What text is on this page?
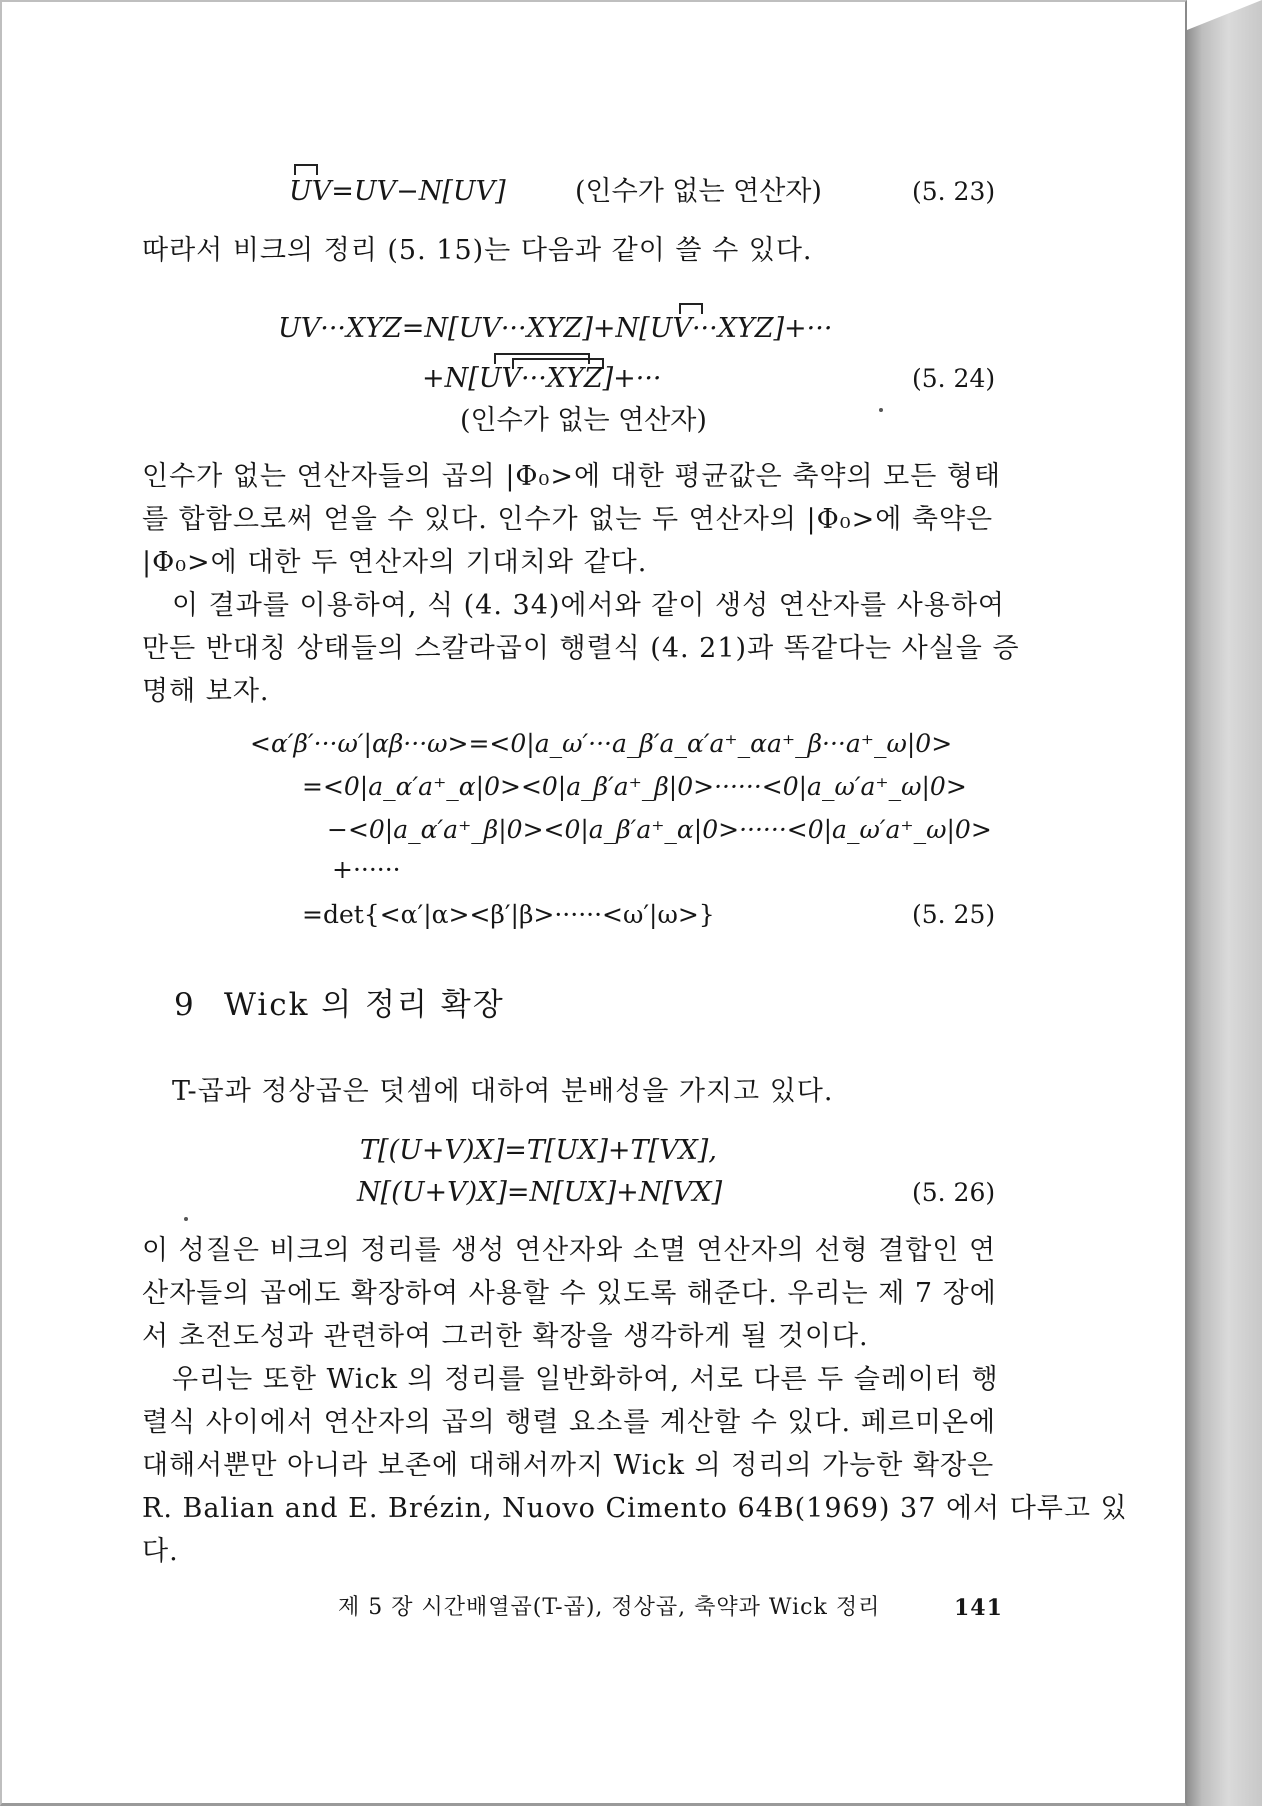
UV=UV−N[UV]	(인수가 없는 연산자)	(5. 23)
따라서 비크의 정리 (5. 15)는 다음과 같이 쓸 수 있다.
UV···XYZ=N[UV···XYZ]+N[UV···XYZ]+···
+N[UV···XYZ]+···	(5. 24)
(인수가 없는 연산자)
인수가 없는 연산자들의 곱의 |Φ₀>에 대한 평균값은 축약의 모든 형태
를 합함으로써 얻을 수 있다. 인수가 없는 두 연산자의 |Φ₀>에 축약은
|Φ₀>에 대한 두 연산자의 기대치와 같다.
이 결과를 이용하여, 식 (4. 34)에서와 같이 생성 연산자를 사용하여
만든 반대칭 상태들의 스칼라곱이 행렬식 (4. 21)과 똑같다는 사실을 증
명해 보자.
<α′β′···ω′|αβ···ω>=<0|a_ω′···a_β′a_α′a⁺_αa⁺_β···a⁺_ω|0>
=<0|a_α′a⁺_α|0><0|a_β′a⁺_β|0>······<0|a_ω′a⁺_ω|0>
−<0|a_α′a⁺_β|0><0|a_β′a⁺_α|0>······<0|a_ω′a⁺_ω|0>
+······
=det{<α′|α><β′|β>······<ω′|ω>}	(5. 25)
9 Wick 의 정리 확장
T-곱과 정상곱은 덧셈에 대하여 분배성을 가지고 있다.
T[(U+V)X]=T[UX]+T[VX],
N[(U+V)X]=N[UX]+N[VX]	(5. 26)
이 성질은 비크의 정리를 생성 연산자와 소멸 연산자의 선형 결합인 연
산자들의 곱에도 확장하여 사용할 수 있도록 해준다. 우리는 제 7 장에
서 초전도성과 관련하여 그러한 확장을 생각하게 될 것이다.
우리는 또한 Wick 의 정리를 일반화하여, 서로 다른 두 슬레이터 행
렬식 사이에서 연산자의 곱의 행렬 요소를 계산할 수 있다. 페르미온에
대해서뿐만 아니라 보존에 대해서까지 Wick 의 정리의 가능한 확장은
R. Balian and E. Brézin, Nuovo Cimento 64B(1969) 37 에서 다루고 있
다.
제 5 장 시간배열곱(T-곱), 정상곱, 축약과 Wick 정리	141
